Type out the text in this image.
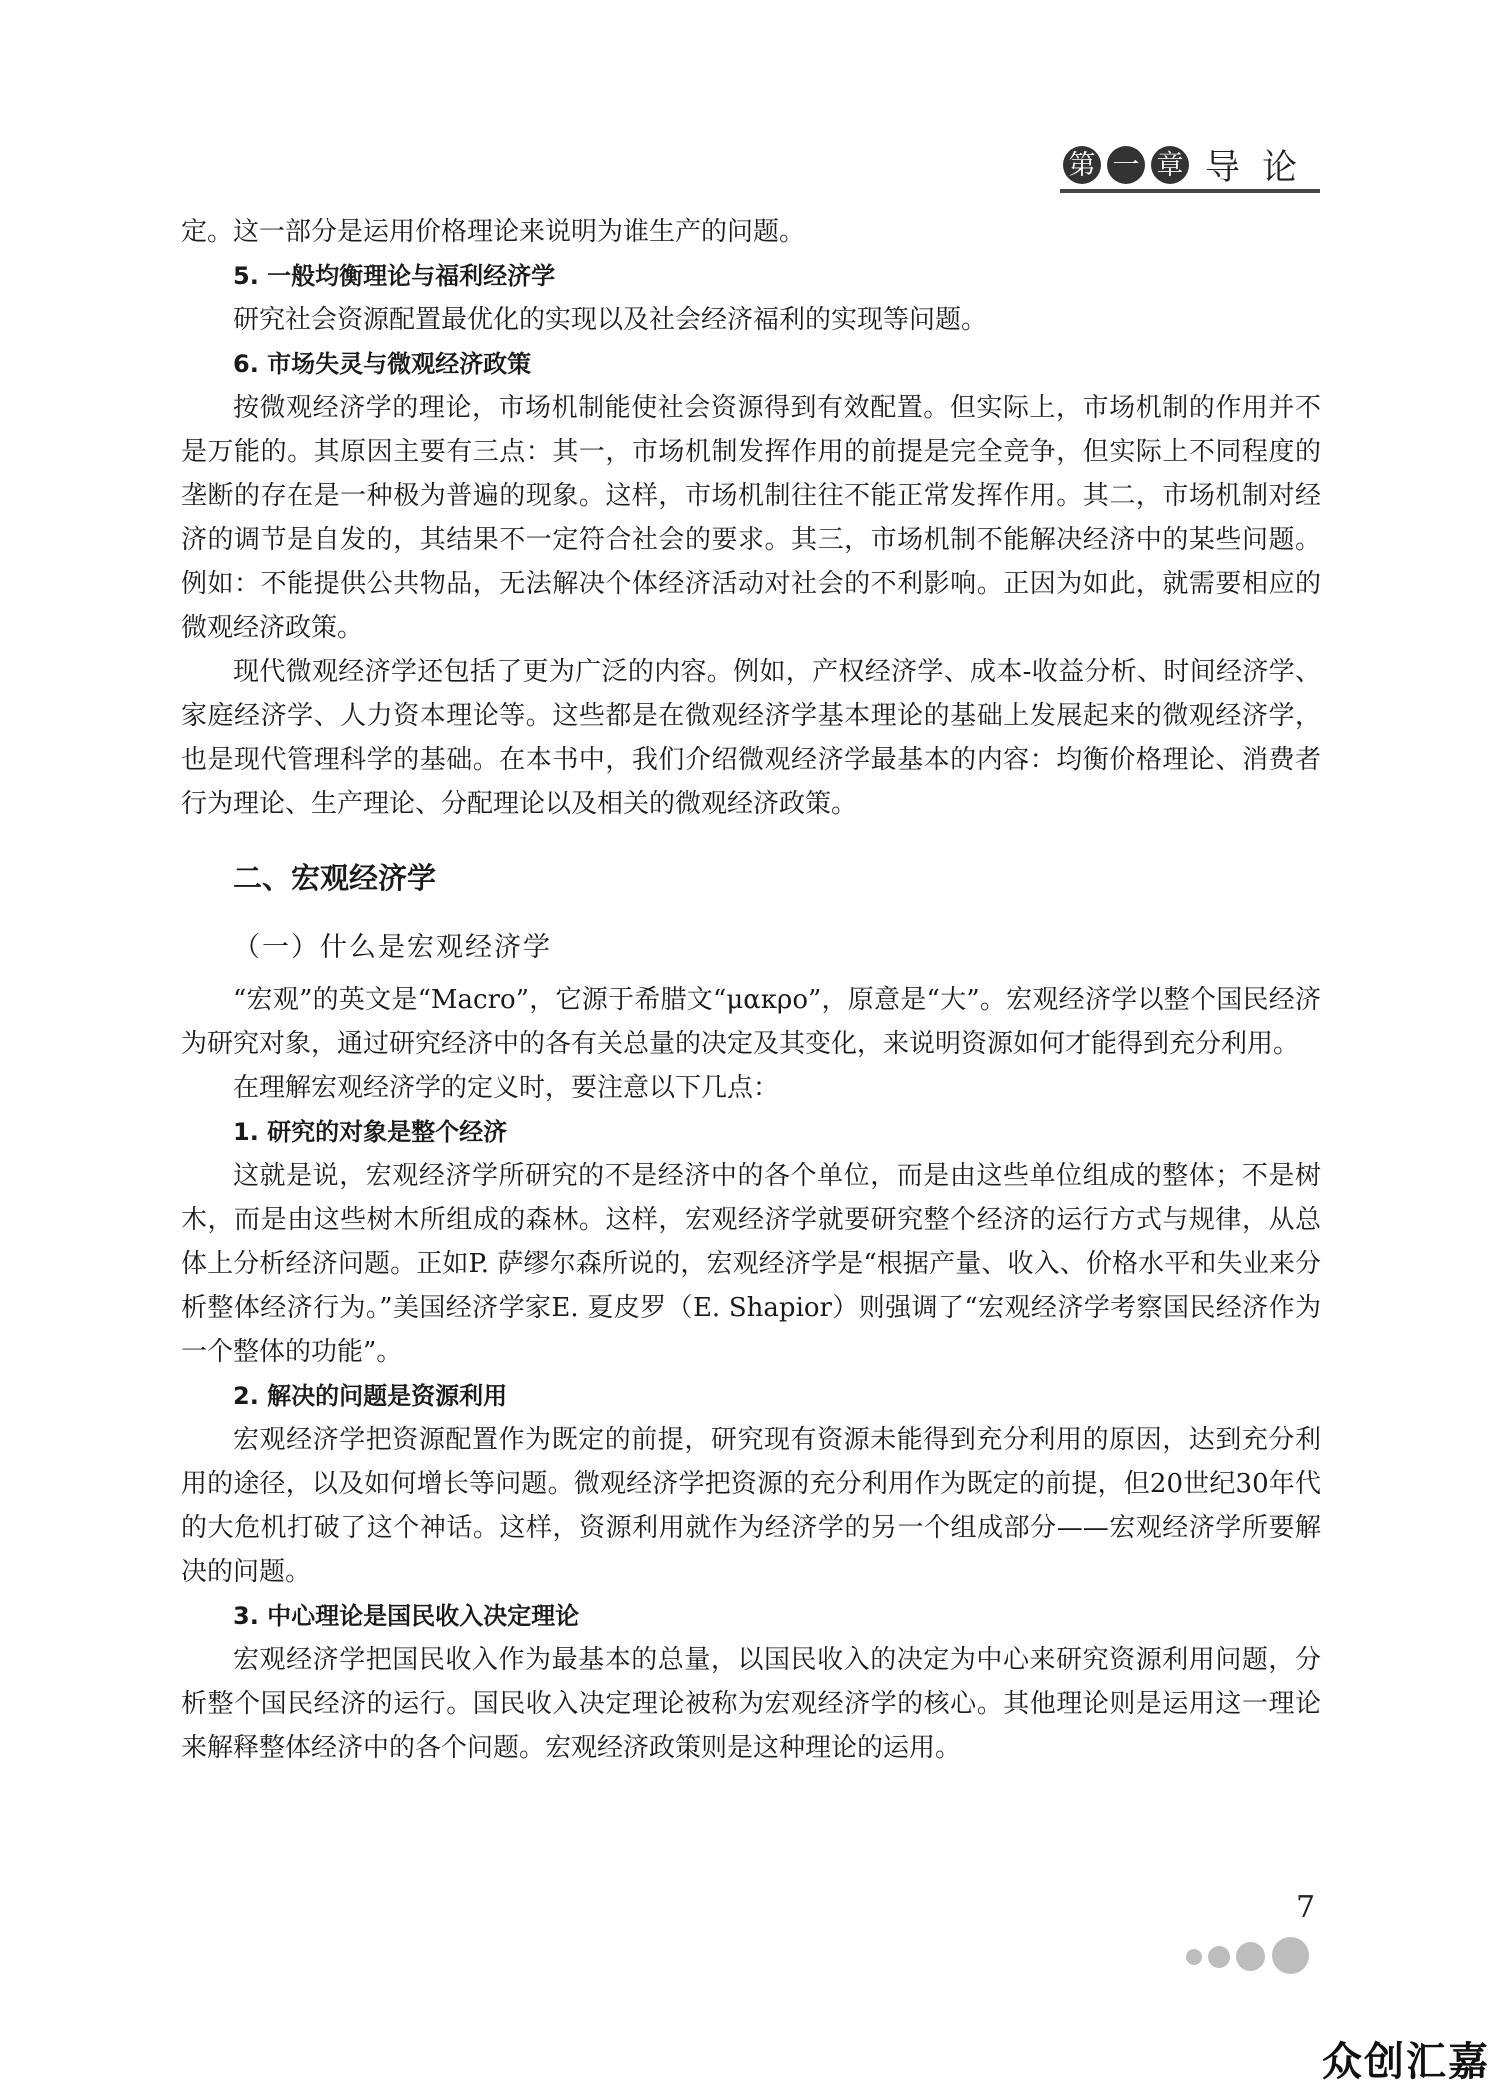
第 一 章 导论

定。这一部分是运用价格理论来说明为谁生产的问题。

5. 一般均衡理论与福利经济学

研究社会资源配置最优化的实现以及社会经济福利的实现等问题。

6. 市场失灵与微观经济政策

按微观经济学的理论，市场机制能使社会资源得到有效配置。但实际上，市场机制的作用并不是万能的。其原因主要有三点：其一，市场机制发挥作用的前提是完全竞争，但实际上不同程度的垄断的存在是一种极为普遍的现象。这样，市场机制往往不能正常发挥作用。其二，市场机制对经济的调节是自发的，其结果不一定符合社会的要求。其三，市场机制不能解决经济中的某些问题。例如：不能提供公共物品，无法解决个体经济活动对社会的不利影响。正因为如此，就需要相应的微观经济政策。

现代微观经济学还包括了更为广泛的内容。例如，产权经济学、成本-收益分析、时间经济学、家庭经济学、人力资本理论等。这些都是在微观经济学基本理论的基础上发展起来的微观经济学，也是现代管理科学的基础。在本书中，我们介绍微观经济学最基本的内容：均衡价格理论、消费者行为理论、生产理论、分配理论以及相关的微观经济政策。

二、宏观经济学

（一）什么是宏观经济学

“宏观”的英文是“Macro”，它源于希腊文“μακρο”，原意是“大”。宏观经济学以整个国民经济为研究对象，通过研究经济中的各有关总量的决定及其变化，来说明资源如何才能得到充分利用。

在理解宏观经济学的定义时，要注意以下几点：

1. 研究的对象是整个经济

这就是说，宏观经济学所研究的不是经济中的各个单位，而是由这些单位组成的整体；不是树木，而是由这些树木所组成的森林。这样，宏观经济学就要研究整个经济的运行方式与规律，从总体上分析经济问题。正如P. 萨缪尔森所说的，宏观经济学是“根据产量、收入、价格水平和失业来分析整体经济行为。”美国经济学家E. 夏皮罗（E. Shapior）则强调了“宏观经济学考察国民经济作为一个整体的功能”。

2. 解决的问题是资源利用

宏观经济学把资源配置作为既定的前提，研究现有资源未能得到充分利用的原因，达到充分利用的途径，以及如何增长等问题。微观经济学把资源的充分利用作为既定的前提，但20世纪30年代的大危机打破了这个神话。这样，资源利用就作为经济学的另一个组成部分——宏观经济学所要解决的问题。

3. 中心理论是国民收入决定理论

宏观经济学把国民收入作为最基本的总量，以国民收入的决定为中心来研究资源利用问题，分析整个国民经济的运行。国民收入决定理论被称为宏观经济学的核心。其他理论则是运用这一理论来解释整体经济中的各个问题。宏观经济政策则是这种理论的运用。

7
众创汇嘉
